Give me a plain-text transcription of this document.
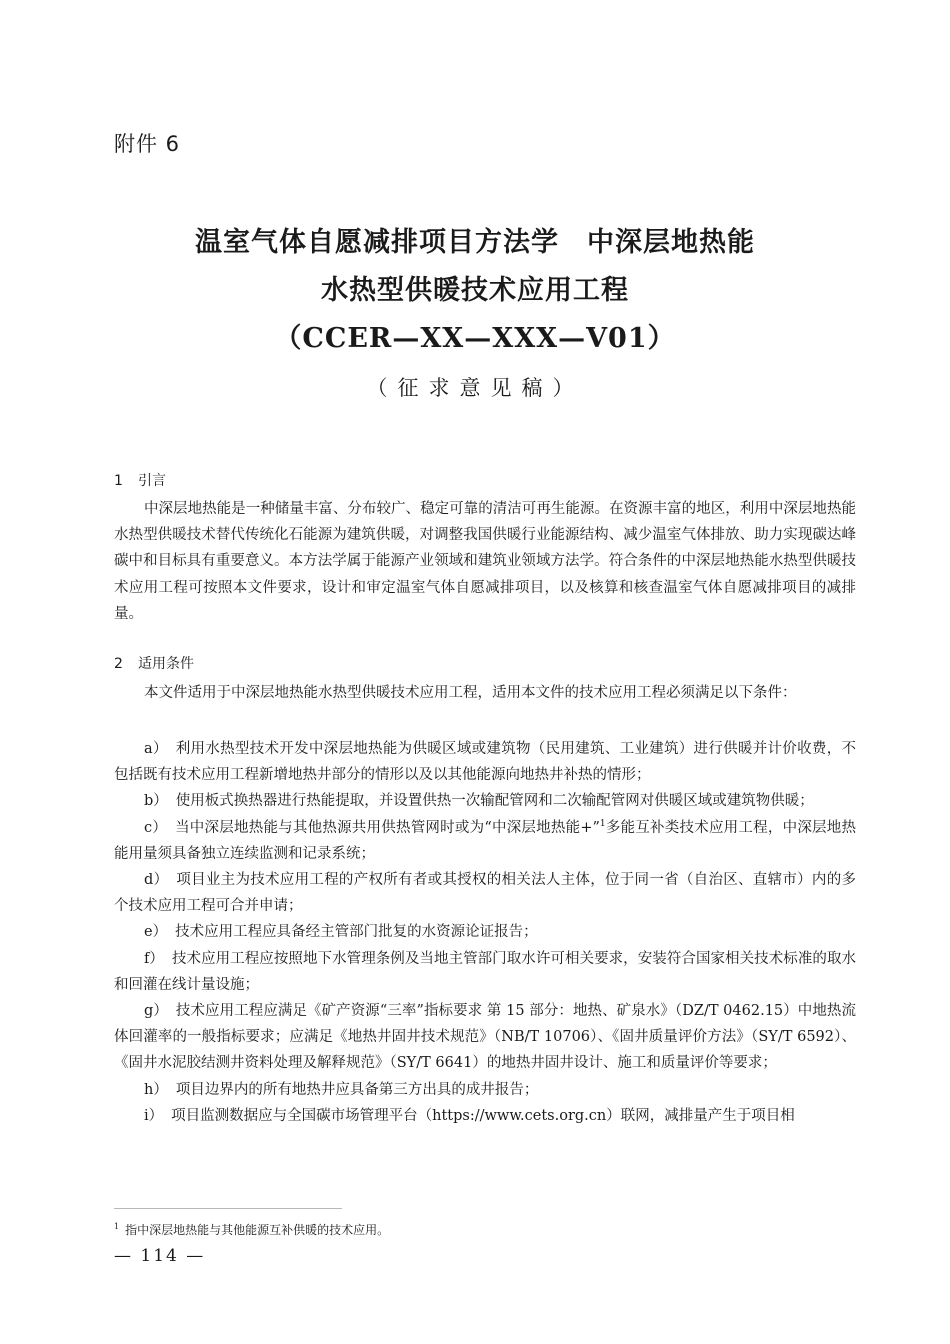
附件 6
温室气体自愿减排项目方法学　中深层地热能
水热型供暖技术应用工程
（CCER—XX—XXX—V01）
（征求意见稿）
1 引言

中深层地热能是一种储量丰富、分布较广、稳定可靠的清洁可再生能源。在资源丰富的地区，利用中深层地热能水热型供暖技术替代传统化石能源为建筑供暖，对调整我国供暖行业能源结构、减少温室气体排放、助力实现碳达峰碳中和目标具有重要意义。本方法学属于能源产业领域和建筑业领域方法学。符合条件的中深层地热能水热型供暖技术应用工程可按照本文件要求，设计和审定温室气体自愿减排项目，以及核算和核查温室气体自愿减排项目的减排量。

2 适用条件

本文件适用于中深层地热能水热型供暖技术应用工程，适用本文件的技术应用工程必须满足以下条件：

a） 利用水热型技术开发中深层地热能为供暖区域或建筑物（民用建筑、工业建筑）进行供暖并计价收费，不包括既有技术应用工程新增地热井部分的情形以及以其他能源向地热井补热的情形；
b） 使用板式换热器进行热能提取，并设置供热一次输配管网和二次输配管网对供暖区域或建筑物供暖；
c） 当中深层地热能与其他热源共用供热管网时或为“中深层地热能+”$^1$多能互补类技术应用工程，中深层地热能用量须具备独立连续监测和记录系统；
d） 项目业主为技术应用工程的产权所有者或其授权的相关法人主体，位于同一省（自治区、直辖市）内的多个技术应用工程可合并申请；
e） 技术应用工程应具备经主管部门批复的水资源论证报告；
f） 技术应用工程应按照地下水管理条例及当地主管部门取水许可相关要求，安装符合国家相关技术标准的取水和回灌在线计量设施；
g） 技术应用工程应满足《矿产资源“三率”指标要求 第 15 部分：地热、矿泉水》（DZ/T 0462.15）中地热流体回灌率的一般指标要求；应满足《地热井固井技术规范》（NB/T 10706）、《固井质量评价方法》（SY/T 6592）、《固井水泥胶结测井资料处理及解释规范》（SY/T 6641）的地热井固井设计、施工和质量评价等要求；
h） 项目边界内的所有地热井应具备第三方出具的成井报告；
i） 项目监测数据应与全国碳市场管理平台（https://www.cets.org.cn）联网，减排量产生于项目相
$^1$ 指中深层地热能与其他能源互补供暖的技术应用。
— 114 —
